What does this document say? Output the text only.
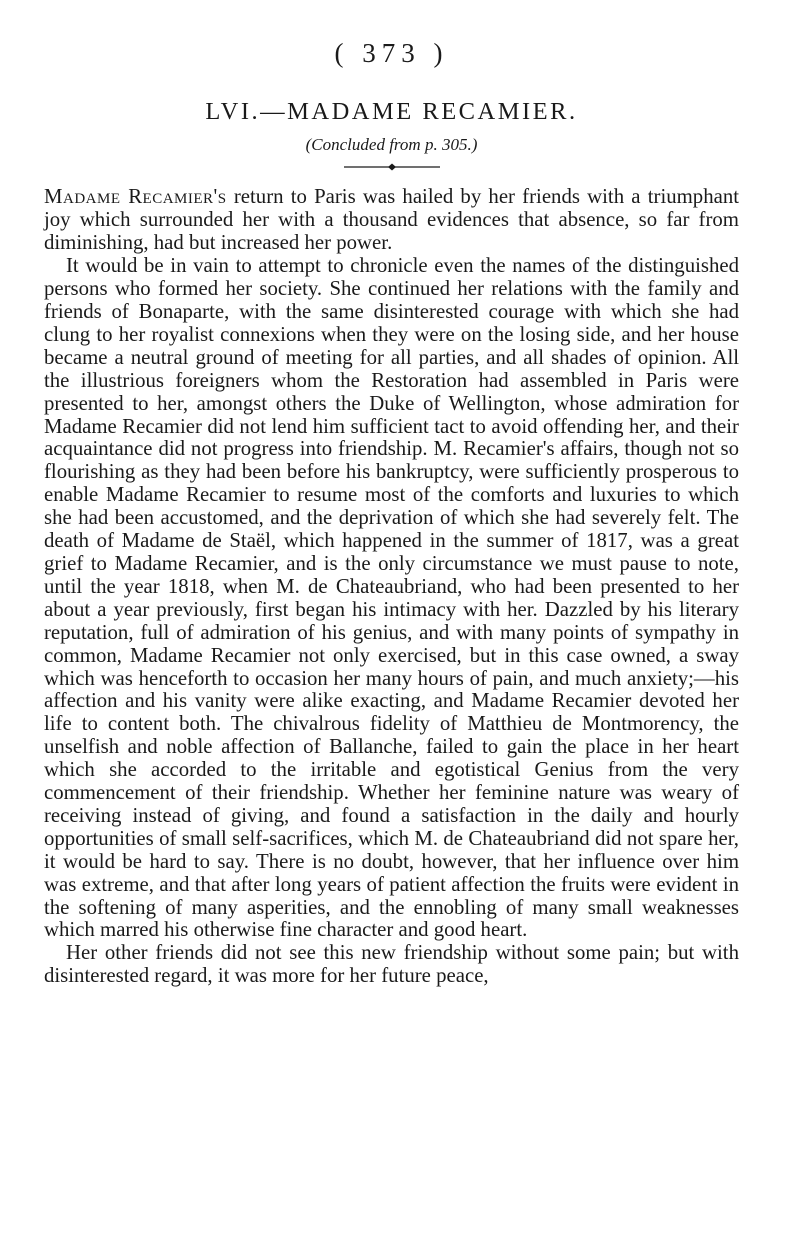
( 373 )
LVI.—MADAME RECAMIER.
(Concluded from p. 305.)

Madame Recamier's return to Paris was hailed by her friends with a triumphant joy which surrounded her with a thousand evidences that absence, so far from diminishing, had but increased her power.

It would be in vain to attempt to chronicle even the names of the distinguished persons who formed her society. She continued her relations with the family and friends of Bonaparte, with the same disinterested courage with which she had clung to her royalist connexions when they were on the losing side, and her house became a neutral ground of meeting for all parties, and all shades of opinion. All the illustrious foreigners whom the Restoration had assembled in Paris were presented to her, amongst others the Duke of Wellington, whose admiration for Madame Recamier did not lend him sufficient tact to avoid offending her, and their acquaintance did not progress into friendship. M. Recamier's affairs, though not so flourishing as they had been before his bankruptcy, were sufficiently prosperous to enable Madame Recamier to resume most of the comforts and luxuries to which she had been accustomed, and the deprivation of which she had severely felt. The death of Madame de Staël, which happened in the summer of 1817, was a great grief to Madame Recamier, and is the only circumstance we must pause to note, until the year 1818, when M. de Chateaubriand, who had been presented to her about a year previously, first began his intimacy with her. Dazzled by his literary reputation, full of admiration of his genius, and with many points of sympathy in common, Madame Recamier not only exercised, but in this case owned, a sway which was henceforth to occasion her many hours of pain, and much anxiety;—his affection and his vanity were alike exacting, and Madame Recamier devoted her life to content both. The chivalrous fidelity of Matthieu de Montmorency, the unselfish and noble affection of Ballanche, failed to gain the place in her heart which she accorded to the irritable and egotistical Genius from the very commencement of their friendship. Whether her feminine nature was weary of receiving instead of giving, and found a satisfaction in the daily and hourly opportunities of small self-sacrifices, which M. de Chateaubriand did not spare her, it would be hard to say. There is no doubt, however, that her influence over him was extreme, and that after long years of patient affection the fruits were evident in the softening of many asperities, and the ennobling of many small weaknesses which marred his otherwise fine character and good heart.

Her other friends did not see this new friendship without some pain; but with disinterested regard, it was more for her future peace,
